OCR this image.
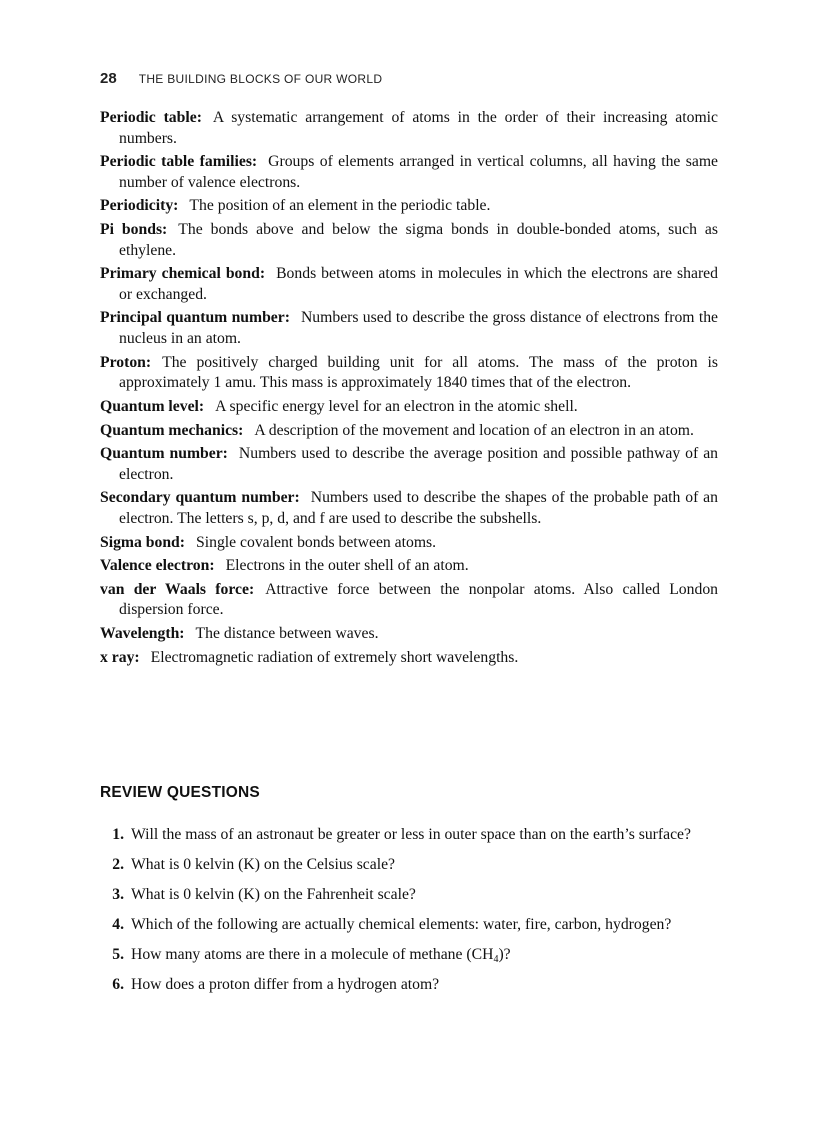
28 THE BUILDING BLOCKS OF OUR WORLD

Periodic table: A systematic arrangement of atoms in the order of their increasing atomic numbers.

Periodic table families: Groups of elements arranged in vertical columns, all having the same number of valence electrons.

Periodicity: The position of an element in the periodic table.

Pi bonds: The bonds above and below the sigma bonds in double-bonded atoms, such as ethylene.

Primary chemical bond: Bonds between atoms in molecules in which the electrons are shared or exchanged.

Principal quantum number: Numbers used to describe the gross distance of electrons from the nucleus in an atom.

Proton: The positively charged building unit for all atoms. The mass of the proton is approximately 1 amu. This mass is approximately 1840 times that of the electron.

Quantum level: A specific energy level for an electron in the atomic shell.

Quantum mechanics: A description of the movement and location of an electron in an atom.

Quantum number: Numbers used to describe the average position and possible pathway of an electron.

Secondary quantum number: Numbers used to describe the shapes of the probable path of an electron. The letters s, p, d, and f are used to describe the subshells.

Sigma bond: Single covalent bonds between atoms.

Valence electron: Electrons in the outer shell of an atom.

van der Waals force: Attractive force between the nonpolar atoms. Also called London dispersion force.

Wavelength: The distance between waves.

x ray: Electromagnetic radiation of extremely short wavelengths.

REVIEW QUESTIONS
1. Will the mass of an astronaut be greater or less in outer space than on the earth’s surface?
2. What is 0 kelvin (K) on the Celsius scale?
3. What is 0 kelvin (K) on the Fahrenheit scale?
4. Which of the following are actually chemical elements: water, fire, carbon, hydrogen?
5. How many atoms are there in a molecule of methane $(CH_4)$?
6. How does a proton differ from a hydrogen atom?
